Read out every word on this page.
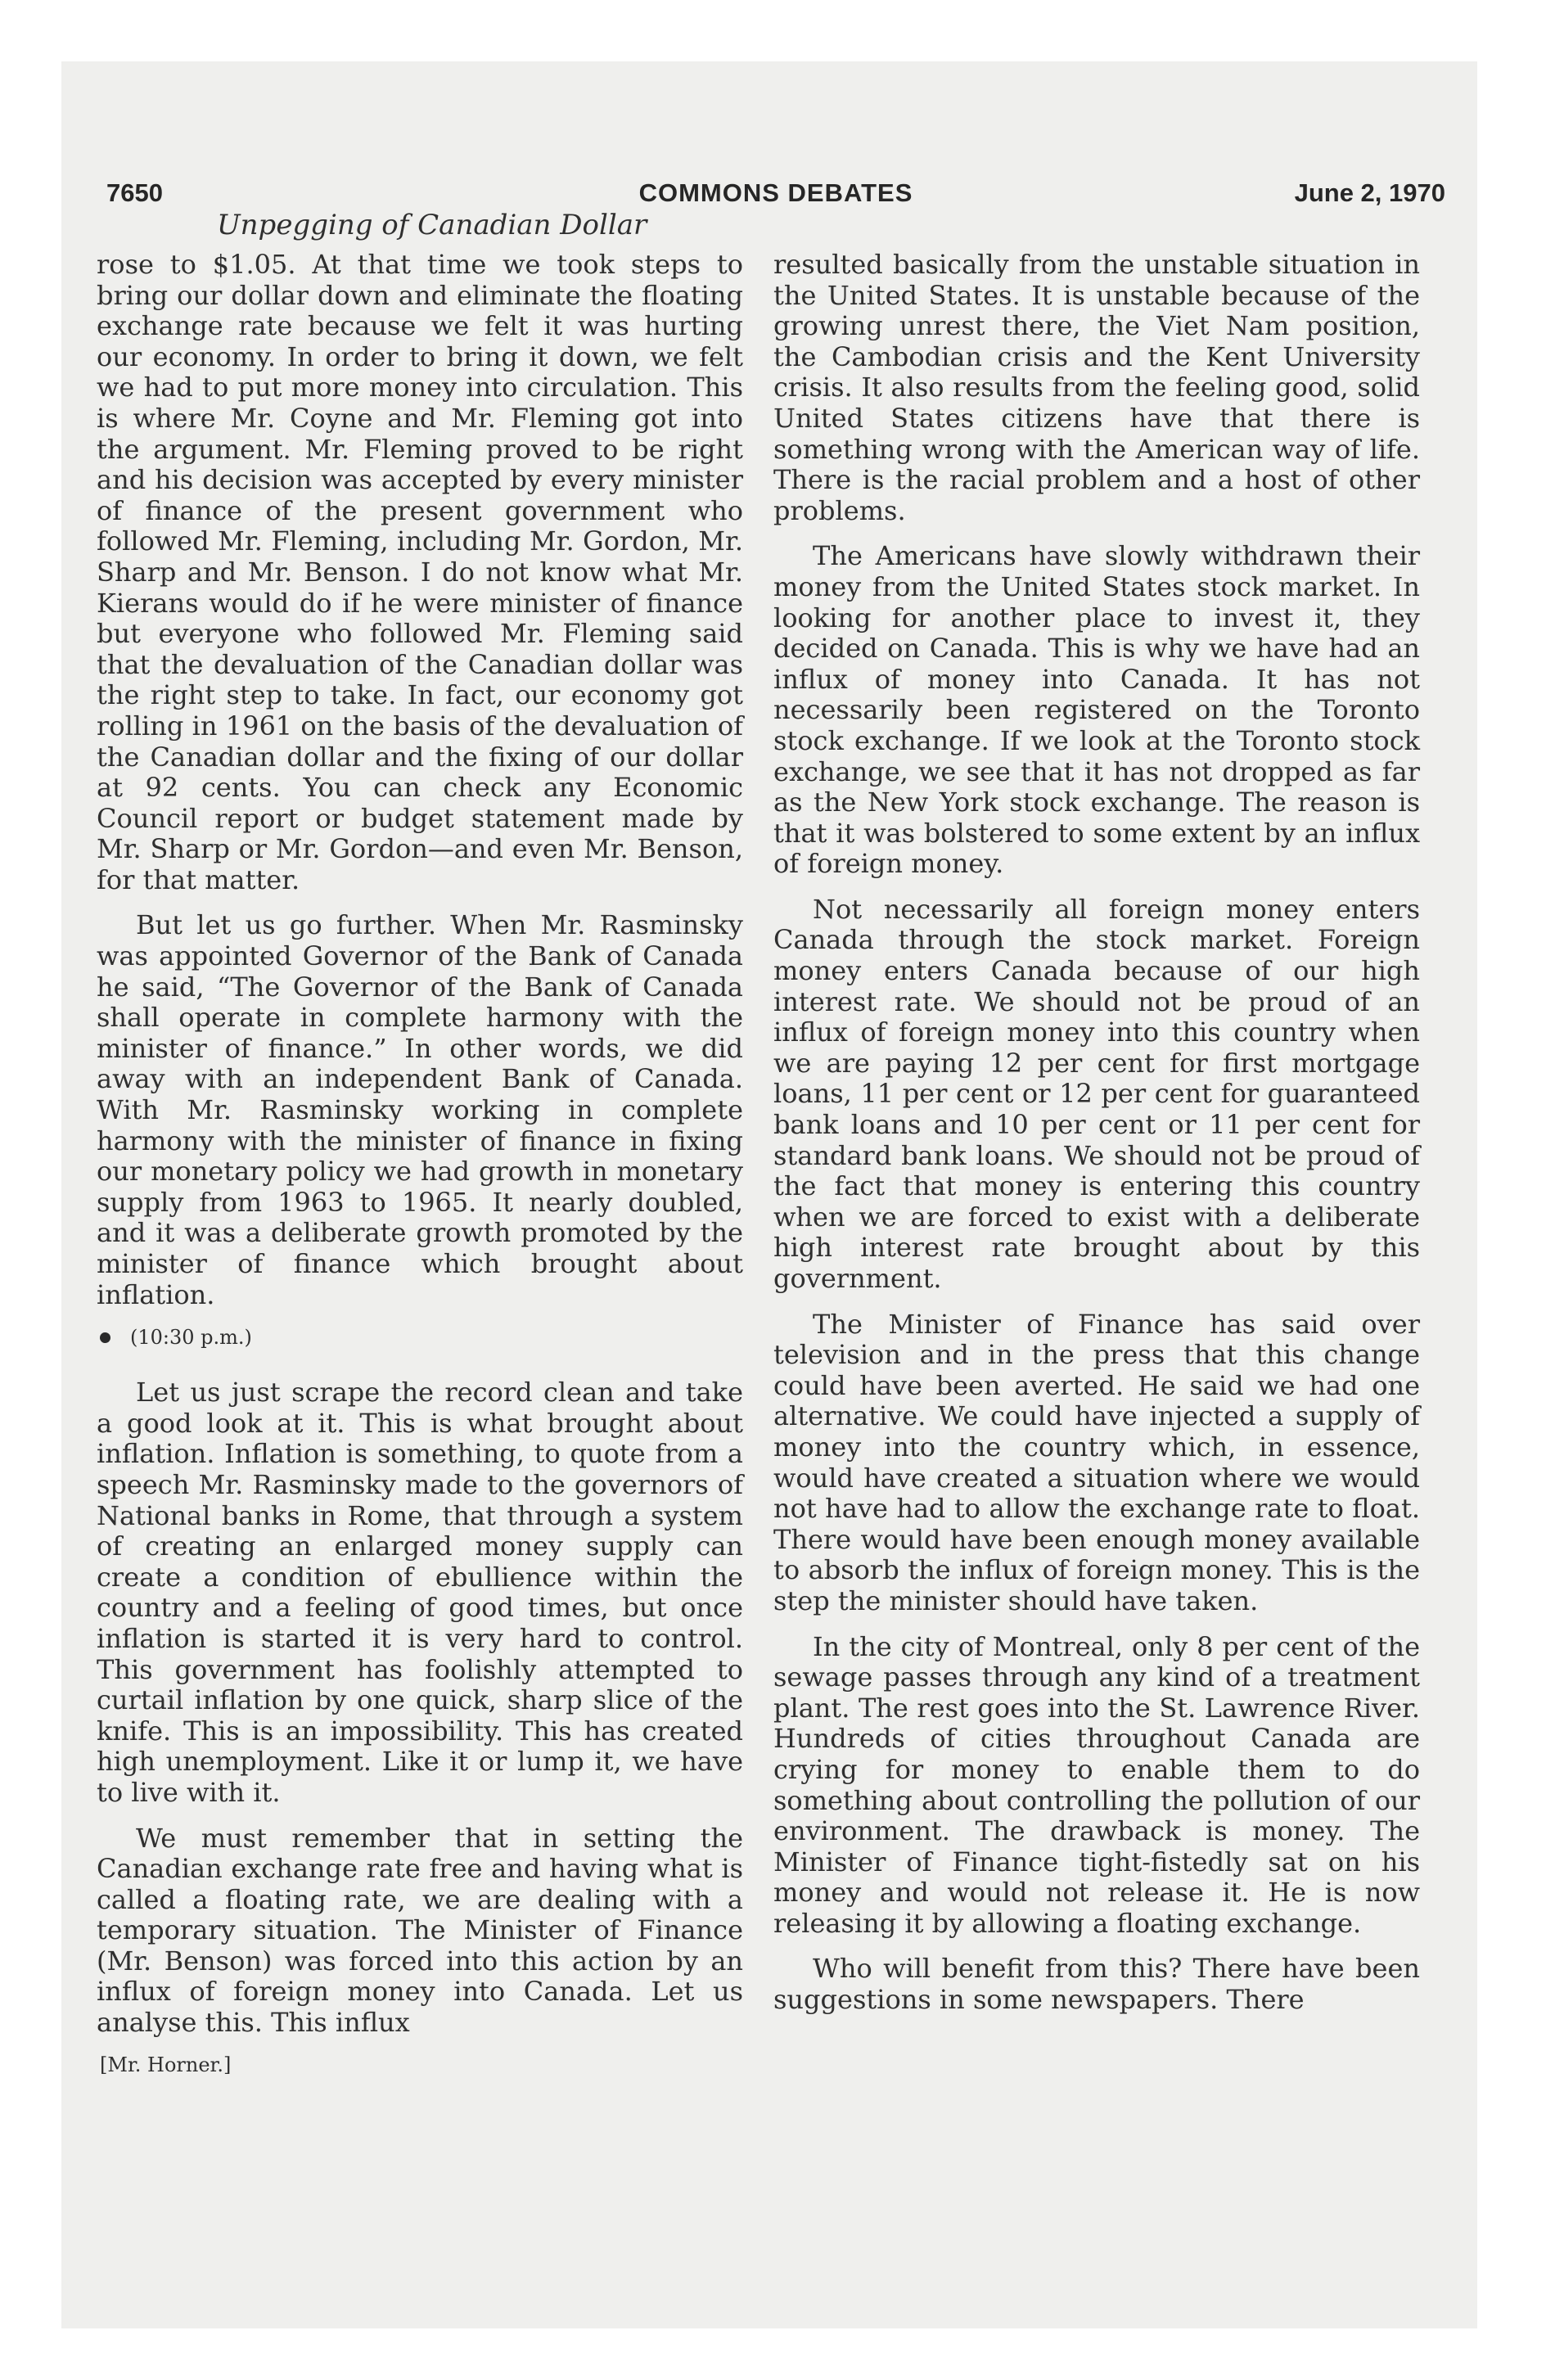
7650	COMMONS DEBATES	June 2, 1970
Unpegging of Canadian Dollar

rose to $1.05. At that time we took steps to bring our dollar down and eliminate the floating exchange rate because we felt it was hurting our economy. In order to bring it down, we felt we had to put more money into circulation. This is where Mr. Coyne and Mr. Fleming got into the argument. Mr. Fleming proved to be right and his decision was accepted by every minister of finance of the present government who followed Mr. Fleming, including Mr. Gordon, Mr. Sharp and Mr. Benson. I do not know what Mr. Kierans would do if he were minister of finance but everyone who followed Mr. Fleming said that the devaluation of the Canadian dollar was the right step to take. In fact, our economy got rolling in 1961 on the basis of the devaluation of the Canadian dollar and the fixing of our dollar at 92 cents. You can check any Economic Council report or budget statement made by Mr. Sharp or Mr. Gordon—and even Mr. Benson, for that matter.

But let us go further. When Mr. Rasminsky was appointed Governor of the Bank of Canada he said, “The Governor of the Bank of Canada shall operate in complete harmony with the minister of finance.” In other words, we did away with an independent Bank of Canada. With Mr. Rasminsky working in complete harmony with the minister of finance in fixing our monetary policy we had growth in monetary supply from 1963 to 1965. It nearly doubled, and it was a deliberate growth promoted by the minister of finance which brought about inflation.

(10:30 p.m.)

Let us just scrape the record clean and take a good look at it. This is what brought about inflation. Inflation is something, to quote from a speech Mr. Rasminsky made to the governors of National banks in Rome, that through a system of creating an enlarged money supply can create a condition of ebullience within the country and a feeling of good times, but once inflation is started it is very hard to control. This government has foolishly attempted to curtail inflation by one quick, sharp slice of the knife. This is an impossibility. This has created high unemployment. Like it or lump it, we have to live with it.

We must remember that in setting the Canadian exchange rate free and having what is called a floating rate, we are dealing with a temporary situation. The Minister of Finance (Mr. Benson) was forced into this action by an influx of foreign money into Canada. Let us analyse this. This influx

[Mr. Horner.]

resulted basically from the unstable situation in the United States. It is unstable because of the growing unrest there, the Viet Nam position, the Cambodian crisis and the Kent University crisis. It also results from the feeling good, solid United States citizens have that there is something wrong with the American way of life. There is the racial problem and a host of other problems.

The Americans have slowly withdrawn their money from the United States stock market. In looking for another place to invest it, they decided on Canada. This is why we have had an influx of money into Canada. It has not necessarily been registered on the Toronto stock exchange. If we look at the Toronto stock exchange, we see that it has not dropped as far as the New York stock exchange. The reason is that it was bolstered to some extent by an influx of foreign money.

Not necessarily all foreign money enters Canada through the stock market. Foreign money enters Canada because of our high interest rate. We should not be proud of an influx of foreign money into this country when we are paying 12 per cent for first mortgage loans, 11 per cent or 12 per cent for guaranteed bank loans and 10 per cent or 11 per cent for standard bank loans. We should not be proud of the fact that money is entering this country when we are forced to exist with a deliberate high interest rate brought about by this government.

The Minister of Finance has said over television and in the press that this change could have been averted. He said we had one alternative. We could have injected a supply of money into the country which, in essence, would have created a situation where we would not have had to allow the exchange rate to float. There would have been enough money available to absorb the influx of foreign money. This is the step the minister should have taken.

In the city of Montreal, only 8 per cent of the sewage passes through any kind of a treatment plant. The rest goes into the St. Lawrence River. Hundreds of cities throughout Canada are crying for money to enable them to do something about controlling the pollution of our environment. The drawback is money. The Minister of Finance tight-fistedly sat on his money and would not release it. He is now releasing it by allowing a floating exchange.

Who will benefit from this? There have been suggestions in some newspapers. There
